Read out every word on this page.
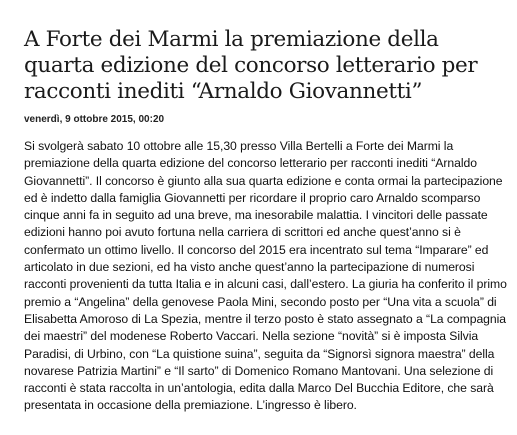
A Forte dei Marmi la premiazione della quarta edizione del concorso letterario per racconti inediti “Arnaldo Giovannetti”
venerdì, 9 ottobre 2015, 00:20

Si svolgerà sabato 10 ottobre alle 15,30 presso Villa Bertelli a Forte dei Marmi la premiazione della quarta edizione del concorso letterario per racconti inediti “Arnaldo Giovannetti”. Il concorso è giunto alla sua quarta edizione e conta ormai la partecipazione ed è indetto dalla famiglia Giovannetti per ricordare il proprio caro Arnaldo scomparso cinque anni fa in seguito ad una breve, ma inesorabile malattia. I vincitori delle passate edizioni hanno poi avuto fortuna nella carriera di scrittori ed anche quest’anno si è confermato un ottimo livello. Il concorso del 2015 era incentrato sul tema “Imparare” ed articolato in due sezioni, ed ha visto anche quest’anno la partecipazione di numerosi racconti provenienti da tutta Italia e in alcuni casi, dall’estero. La giuria ha conferito il primo premio a “Angelina” della genovese Paola Mini, secondo posto per “Una vita a scuola” di Elisabetta Amoroso di La Spezia, mentre il terzo posto è stato assegnato a “La compagnia dei maestri” del modenese Roberto Vaccari. Nella sezione “novità” si è imposta Silvia Paradisi, di Urbino, con “La quistione suina”, seguita da “Signorsì signora maestra” della novarese Patrizia Martini” e “Il sarto” di Domenico Romano Mantovani. Una selezione di racconti è stata raccolta in un’antologia, edita dalla Marco Del Bucchia Editore, che sarà presentata in occasione della premiazione. L’ingresso è libero.
